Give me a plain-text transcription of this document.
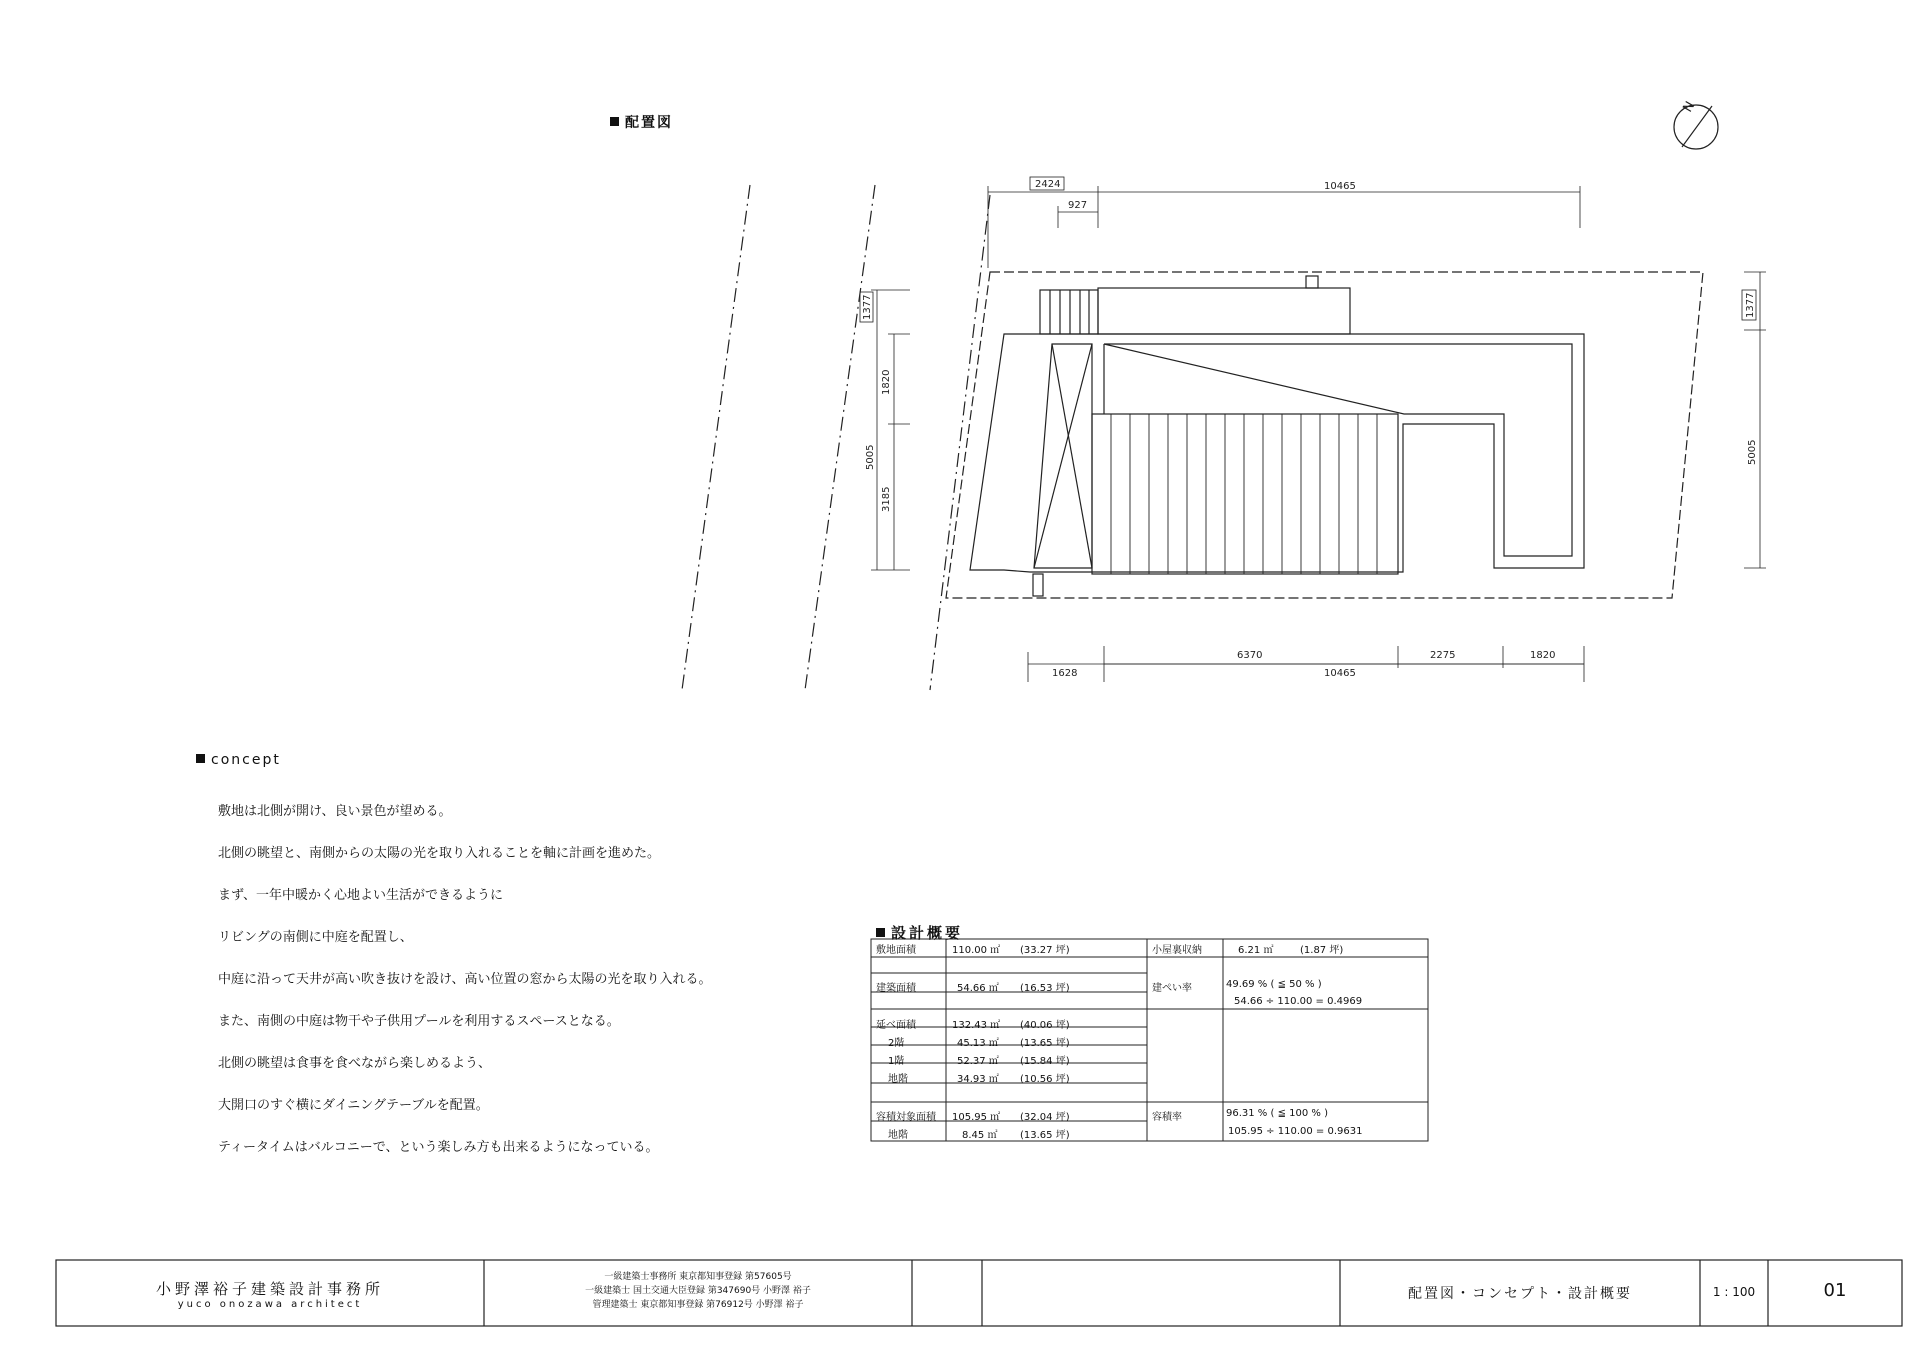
配置図
N
2424
927
10465
1377
1820
5005
3185
1377
5005
6370	2275	1820
1628	10465
concept
敷地は北側が開け、良い景色が望める。
北側の眺望と、南側からの太陽の光を取り入れることを軸に計画を進めた。
まず、一年中暖かく心地よい生活ができるように
リビングの南側に中庭を配置し、
中庭に沿って天井が高い吹き抜けを設け、高い位置の窓から太陽の光を取り入れる。
また、南側の中庭は物干や子供用プールを利用するスペースとなる。
北側の眺望は食事を食べながら楽しめるよう、
大開口のすぐ横にダイニングテーブルを配置。
ティータイムはバルコニーで、という楽しみ方も出来るようになっている。
設計概要
敷地面積	110.00 ㎡ (33.27 坪)	小屋裏収納	6.21 ㎡	(1.87 坪)
建築面積	54.66 ㎡ (16.53 坪)	建ぺい率	49.69 % ( ≦ 50 % )
54.66 ÷ 110.00 = 0.4969
延べ面積	132.43 ㎡ (40.06 坪)
2階	45.13 ㎡ (13.65 坪)
1階	52.37 ㎡ (15.84 坪)
地階	34.93 ㎡ (10.56 坪)
容積対象面積 105.95 ㎡ (32.04 坪)	容積率	96.31 % ( ≦ 100 % )
105.95 ÷ 110.00 = 0.9631
地階	8.45 ㎡ (13.65 坪)
小野澤裕子建築設計事務所
yuco onozawa architect
一級建築士事務所 東京都知事登録 第57605号
一級建築士 国土交通大臣登録 第347690号 小野澤 裕子
管理建築士 東京都知事登録 第76912号 小野澤 裕子
配置図・コンセプト・設計概要	1 : 100	01
